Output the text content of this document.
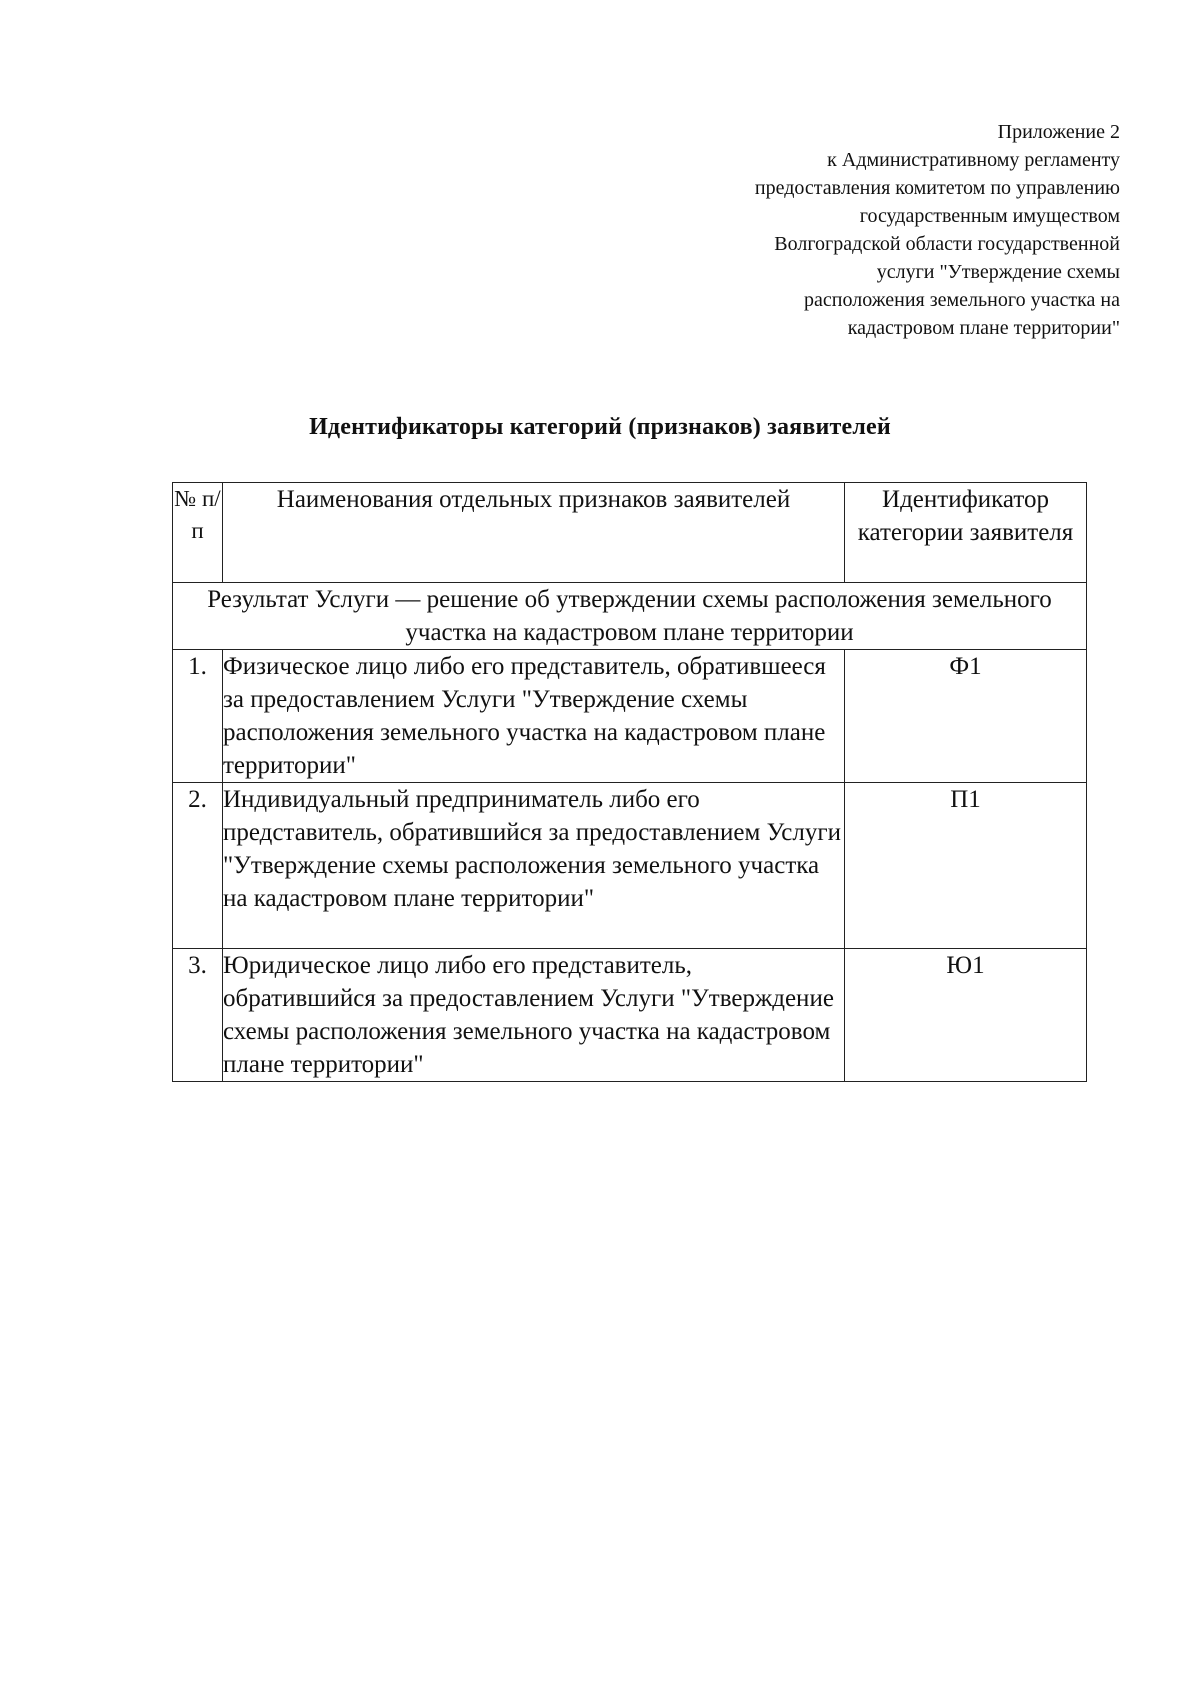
Приложение 2
к Административному регламенту
предоставления комитетом по управлению
государственным имуществом
Волгоградской области государственной
услуги "Утверждение схемы
расположения земельного участка на
кадастровом плане территории"
Идентификаторы категорий (признаков) заявителей
№ п/п	Наименования отдельных признаков заявителей	Идентификатор категории заявителя
Результат Услуги — решение об утверждении схемы расположения земельного участка на кадастровом плане территории		
1.	Физическое лицо либо его представитель, обратившееся за предоставлением Услуги "Утверждение схемы расположения земельного участка на кадастровом плане территории"	Ф1
2.	Индивидуальный предприниматель либо его представитель, обратившийся за предоставлением Услуги "Утверждение схемы расположения земельного участка на кадастровом плане территории"	П1
3.	Юридическое лицо либо его представитель, обратившийся за предоставлением Услуги "Утверждение схемы расположения земельного участка на кадастровом плане территории"	Ю1
